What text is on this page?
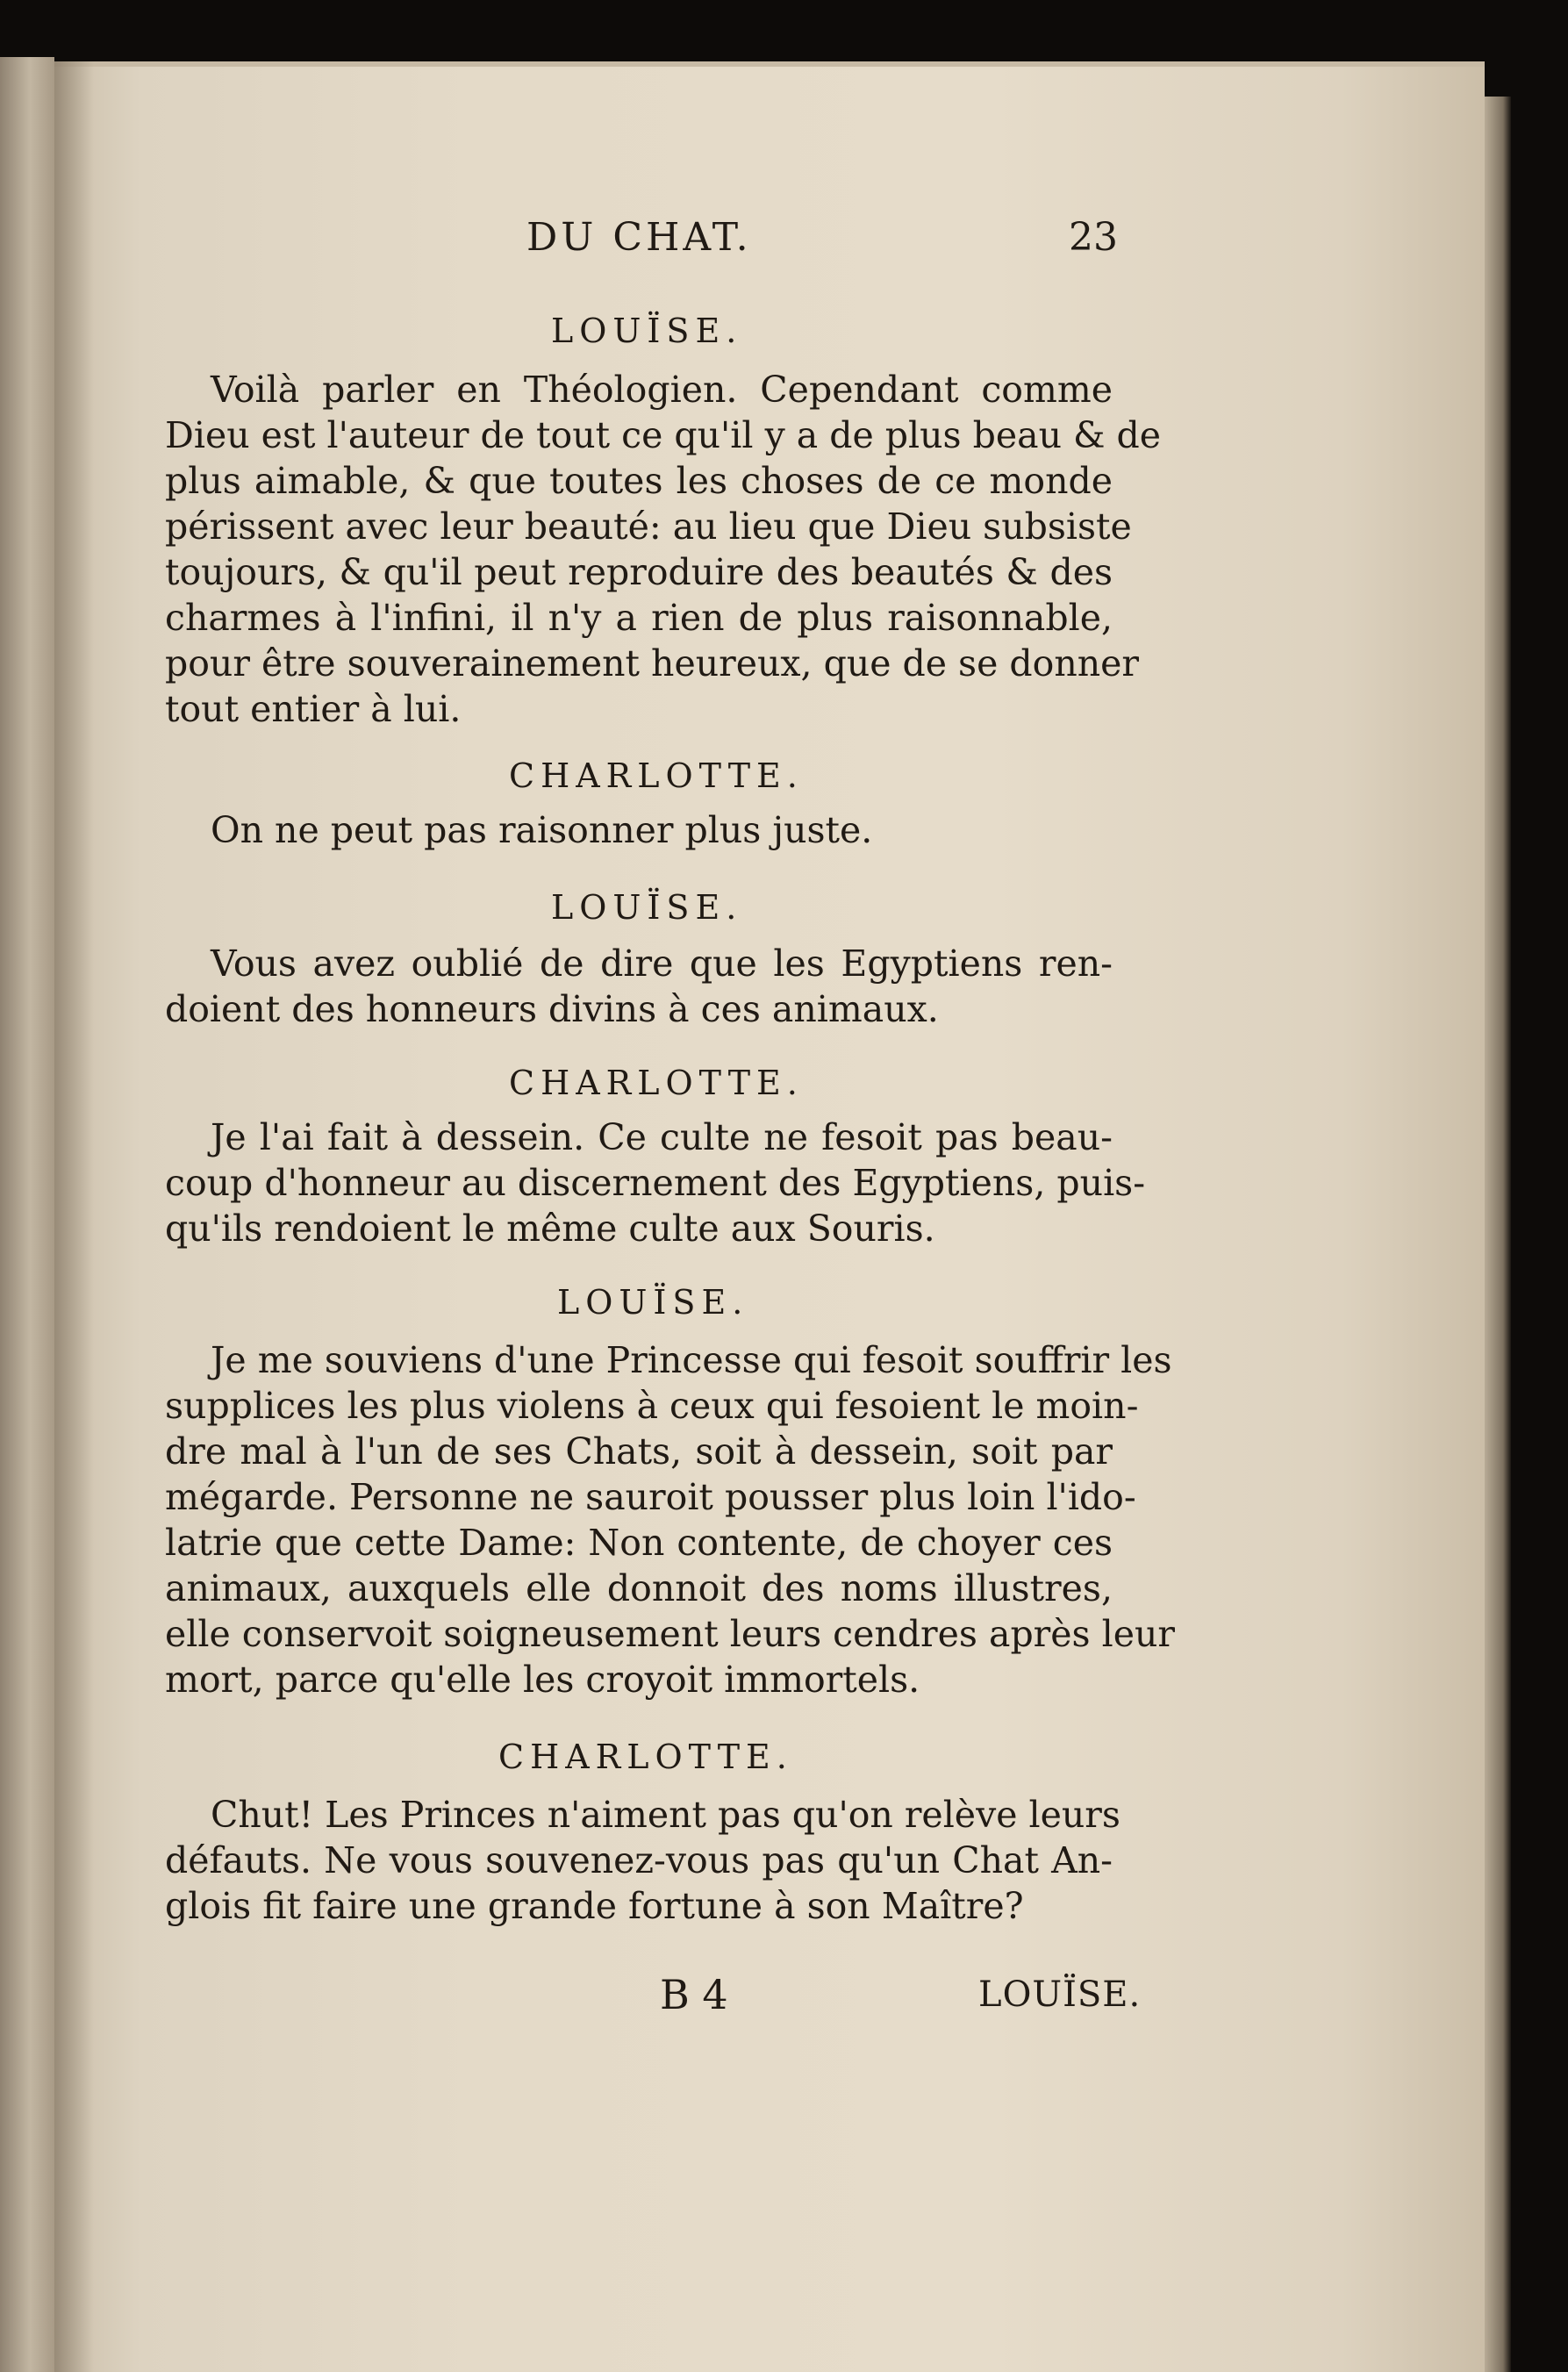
DU CHAT.	23
LOUÏSE.
Voilà parler en Théologien. Cependant comme
Dieu est l'auteur de tout ce qu'il y a de plus beau & de
plus aimable, & que toutes les choses de ce monde
périssent avec leur beauté: au lieu que Dieu subsiste
toujours, & qu'il peut reproduire des beautés & des
charmes à l'infini, il n'y a rien de plus raisonnable,
pour être souverainement heureux, que de se donner
tout entier à lui.
CHARLOTTE.
On ne peut pas raisonner plus juste.
LOUÏSE.
Vous avez oublié de dire que les Egyptiens ren-
doient des honneurs divins à ces animaux.
CHARLOTTE.
Je l'ai fait à dessein. Ce culte ne fesoit pas beau-
coup d'honneur au discernement des Egyptiens, puis-
qu'ils rendoient le même culte aux Souris.
LOUÏSE.
Je me souviens d'une Princesse qui fesoit souffrir les
supplices les plus violens à ceux qui fesoient le moin-
dre mal à l'un de ses Chats, soit à dessein, soit par
mégarde. Personne ne sauroit pousser plus loin l'ido-
latrie que cette Dame: Non contente, de choyer ces
animaux, auxquels elle donnoit des noms illustres,
elle conservoit soigneusement leurs cendres après leur
mort, parce qu'elle les croyoit immortels.
CHARLOTTE.
Chut! Les Princes n'aiment pas qu'on relève leurs
défauts. Ne vous souvenez-vous pas qu'un Chat An-
glois fit faire une grande fortune à son Maître?
B 4	LOUÏSE.
